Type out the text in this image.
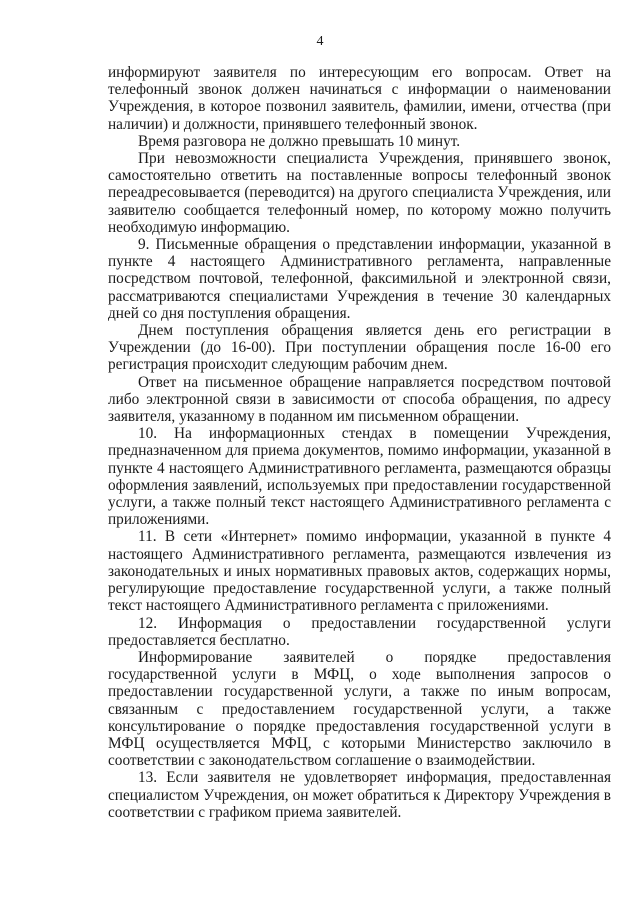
4

информируют заявителя по интересующим его вопросам. Ответ на телефонный звонок должен начинаться с информации о наименовании Учреждения, в которое позвонил заявитель, фамилии, имени, отчества (при наличии) и должности, принявшего телефонный звонок.

Время разговора не должно превышать 10 минут.

При невозможности специалиста Учреждения, принявшего звонок, самостоятельно ответить на поставленные вопросы телефонный звонок переадресовывается (переводится) на другого специалиста Учреждения, или заявителю сообщается телефонный номер, по которому можно получить необходимую информацию.

9. Письменные обращения о представлении информации, указанной в пункте 4 настоящего Административного регламента, направленные посредством почтовой, телефонной, факсимильной и электронной связи, рассматриваются специалистами Учреждения в течение 30 календарных дней со дня поступления обращения.

Днем поступления обращения является день его регистрации в Учреждении (до 16-00). При поступлении обращения после 16-00 его регистрация происходит следующим рабочим днем.

Ответ на письменное обращение направляется посредством почтовой либо электронной связи в зависимости от способа обращения, по адресу заявителя, указанному в поданном им письменном обращении.

10. На информационных стендах в помещении Учреждения, предназначенном для приема документов, помимо информации, указанной в пункте 4 настоящего Административного регламента, размещаются образцы оформления заявлений, используемых при предоставлении государственной услуги, а также полный текст настоящего Административного регламента с приложениями.

11. В сети «Интернет» помимо информации, указанной в пункте 4 настоящего Административного регламента, размещаются извлечения из законодательных и иных нормативных правовых актов, содержащих нормы, регулирующие предоставление государственной услуги, а также полный текст настоящего Административного регламента с приложениями.

12. Информация о предоставлении государственной услуги предоставляется бесплатно.

Информирование заявителей о порядке предоставления государственной услуги в МФЦ, о ходе выполнения запросов о предоставлении государственной услуги, а также по иным вопросам, связанным с предоставлением государственной услуги, а также консультирование о порядке предоставления государственной услуги в МФЦ осуществляется МФЦ, с которыми Министерство заключило в соответствии с законодательством соглашение о взаимодействии.

13. Если заявителя не удовлетворяет информация, предоставленная специалистом Учреждения, он может обратиться к Директору Учреждения в соответствии с графиком приема заявителей.
